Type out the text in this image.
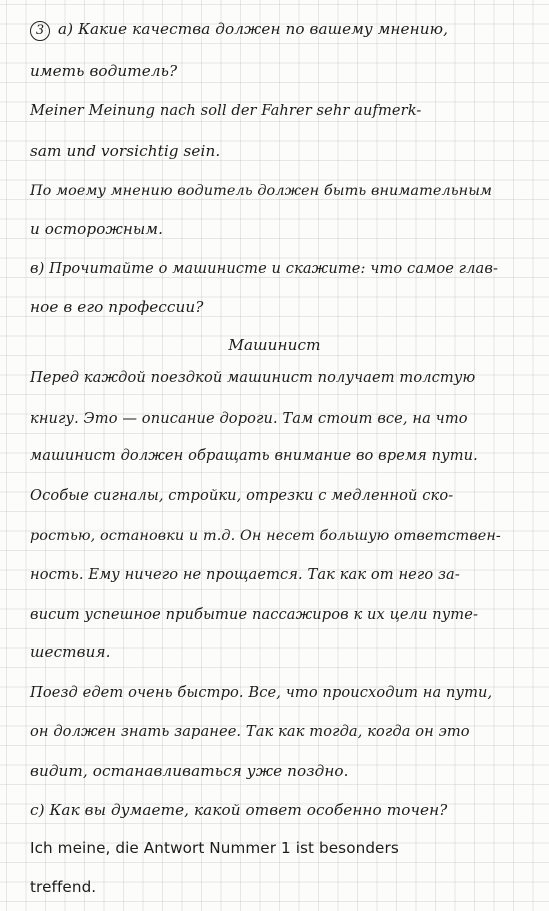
3 а) Какие качества должен по вашему мнению,
иметь водитель?
Meiner Meinung nach soll der Fahrer sehr aufmerk-
sam und vorsichtig sein.
По моему мнению водитель должен быть внимательным
и осторожным.
в) Прочитайте о машинисте и скажите: что самое глав-
ное в его профессии?
Машинист
Перед каждой поездкой машинист получает толстую
книгу. Это — описание дороги. Там стоит все, на что
машинист должен обращать внимание во время пути.
Особые сигналы, стройки, отрезки с медленной ско-
ростью, остановки и т.д. Он несет большую ответствен-
ность. Ему ничего не прощается. Так как от него за-
висит успешное прибытие пассажиров к их цели путе-
шествия.
Поезд едет очень быстро. Все, что происходит на пути,
он должен знать заранее. Так как тогда, когда он это
видит, останавливаться уже поздно.
с) Как вы думаете, какой ответ особенно точен?
Ich meine, die Antwort Nummer 1 ist besonders
treffend.
